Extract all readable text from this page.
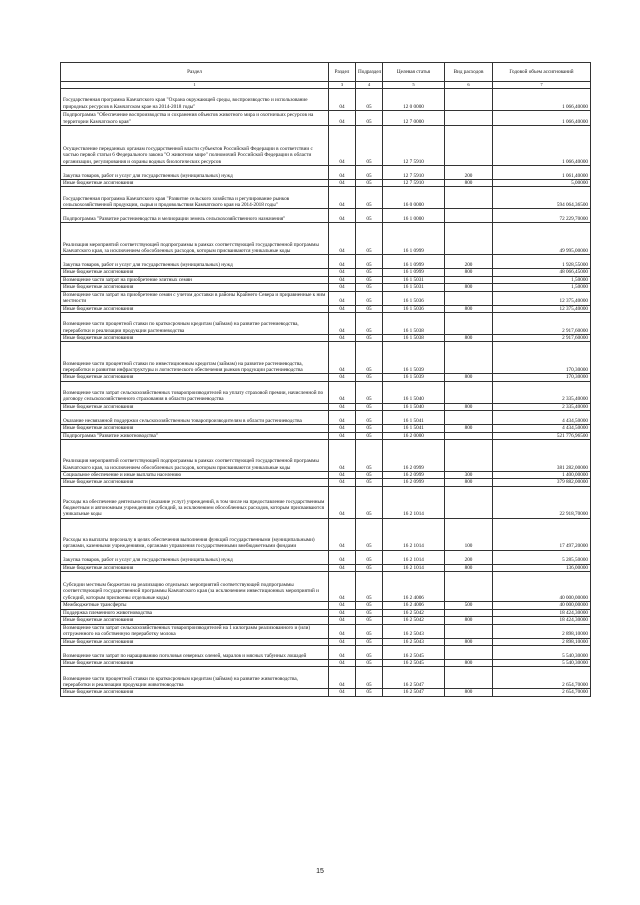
Раздел	Раздел	Подраздел	Целевая статья	Вид расходов	Годовой объем ассигнований
1	3	4	5	6	7
Государственная программа Камчатского края "Охрана окружающей среды, воспроизводство и использование природных ресурсов в Камчатском крае на 2014-2018 годы"	04	05	12 0 0000		1 066,40000
Подпрограмма "Обеспечение воспроизводства и сохранения объектов животного мира и охотничьих ресурсов на территории Камчатского края"	04	05	12 7 0000		1 066,40000
Осуществление переданных органам государственной власти субъектов Российской Федерации в соответствии с частью первой статьи 6 Федерального закона "О животном мире" полномочий Российской Федерации в области организации, регулирования и охраны водных биологических ресурсов	04	05	12 7 5910		1 066,40000
Закупка товаров, работ и услуг для государственных (муниципальных) нужд	04	05	12 7 5910	200	1 061,40000
Иные бюджетные ассигнования	04	05	12 7 5910	800	5,00000
Государственная программа Камчатского края "Развитие сельского хозяйства и регулирование рынков сельскохозяйственной продукции, сырья и продовольствия Камчатского края на 2014-2018 годы"	04	05	16 0 0000		594 064,36500
Подпрограмма "Развитие растениеводства и мелиорации земель сельскохозяйственного назначения"	04	05	16 1 0000		72 229,70000
Реализация мероприятий соответствующей подпрограммы в рамках соответствующей государственной программы Камчатского края, за исключением обособленных расходов, которым присваиваются уникальные коды	04	05	16 1 0999		49 995,00000
Закупка товаров, работ и услуг для государственных (муниципальных) нужд	04	05	16 1 0999	200	1 928,55000
Иные бюджетные ассигнования	04	05	16 1 0999	800	48 066,45000
Возмещение части затрат на приобретение элитных семян	04	05	16 1 5031		1,50000
Иные бюджетные ассигнования	04	05	16 1 5031	800	1,50000
Возмещение части затрат на приобретение семян с учетом доставки в районы Крайнего Севера и приравненные к ним местности	04	05	16 1 5036		12 375,40000
Иные бюджетные ассигнования	04	05	16 1 5036	800	12 375,40000
Возмещение части процентной ставки по краткосрочным кредитам (займам) на развитие растениеводства, переработки и реализации продукции растениеводства	04	05	16 1 5038		2 917,60000
Иные бюджетные ассигнования	04	05	16 1 5038	800	2 917,60000
Возмещение части процентной ставки по инвестиционным кредитам (займам) на развитие растениеводства, переработки и развития инфраструктуры и логистического обеспечения рынков продукции растениеводства	04	05	16 1 5039		170,30000
Иные бюджетные ассигнования	04	05	16 1 5039	800	170,30000
Возмещение части затрат сельскохозяйственных товаропроизводителей на уплату страховой премии, начисленной по договору сельскохозяйственного страхования в области растениеводства	04	05	16 1 5040		2 335,40000
Иные бюджетные ассигнования	04	05	16 1 5040	800	2 335,40000
Оказание несвязанной поддержки сельскохозяйственным товаропроизводителям в области растениеводства	04	05	16 1 5041		4 434,50000
Иные бюджетные ассигнования	04	05	16 1 5041	800	4 434,50000
Подпрограмма "Развитие животноводства"	04	05	16 2 0000		521 776,96500
Реализация мероприятий соответствующей подпрограммы в рамках соответствующей государственной программы Камчатского края, за исключением обособленных расходов, которым присваиваются уникальные коды	04	05	16 2 0999		381 282,00000
Социальное обеспечение и иные выплаты населению	04	05	16 2 0999	300	1 400,00000
Иные бюджетные ассигнования	04	05	16 2 0999	800	379 882,00000
Расходы на обеспечение деятельности (оказание услуг) учреждений, в том числе на предоставление государственным бюджетным и автономным учреждениям субсидий, за исключением обособленных расходов, которым присваиваются уникальные коды	04	05	16 2 1014		22 918,70000
Расходы на выплаты персоналу в целях обеспечения выполнения функций государственными (муниципальными) органами, казенными учреждениями, органами управления государственными внебюджетными фондами	04	05	16 2 1014	100	17 497,20000
Закупка товаров, работ и услуг для государственных (муниципальных) нужд	04	05	16 2 1014	200	5 285,50000
Иные бюджетные ассигнования	04	05	16 2 1014	800	136,00000
Субсидии местным бюджетам на реализацию отдельных мероприятий соответствующей подпрограммы соответствующей государственной программы Камчатского края (за исключением инвестиционных мероприятий и субсидий, которым присвоены отдельные коды)	04	05	16 2 4006		40 000,00000
Межбюджетные трансферты	04	05	16 2 4006	500	40 000,00000
Поддержка племенного животноводства	04	05	16 2 5042		18 424,30000
Иные бюджетные ассигнования	04	05	16 2 5042	800	18 424,30000
Возмещение части затрат сельскохозяйственных товаропроизводителей на 1 килограмм реализованного и (или) отгруженного на собственную переработку молока	04	05	16 2 5043		2 898,10000
Иные бюджетные ассигнования	04	05	16 2 5043	800	2 898,10000
Возмещение части затрат по наращиванию поголовья северных оленей, маралов и мясных табунных лошадей	04	05	16 2 5045		5 540,30000
Иные бюджетные ассигнования	04	05	16 2 5045	800	5 540,30000
Возмещение части процентной ставки по краткосрочным кредитам (займам) на развитие животноводства, переработки и реализации продукции животноводства	04	05	16 2 5047		2 654,70000
Иные бюджетные ассигнования	04	05	16 2 5047	800	2 654,70000
15
